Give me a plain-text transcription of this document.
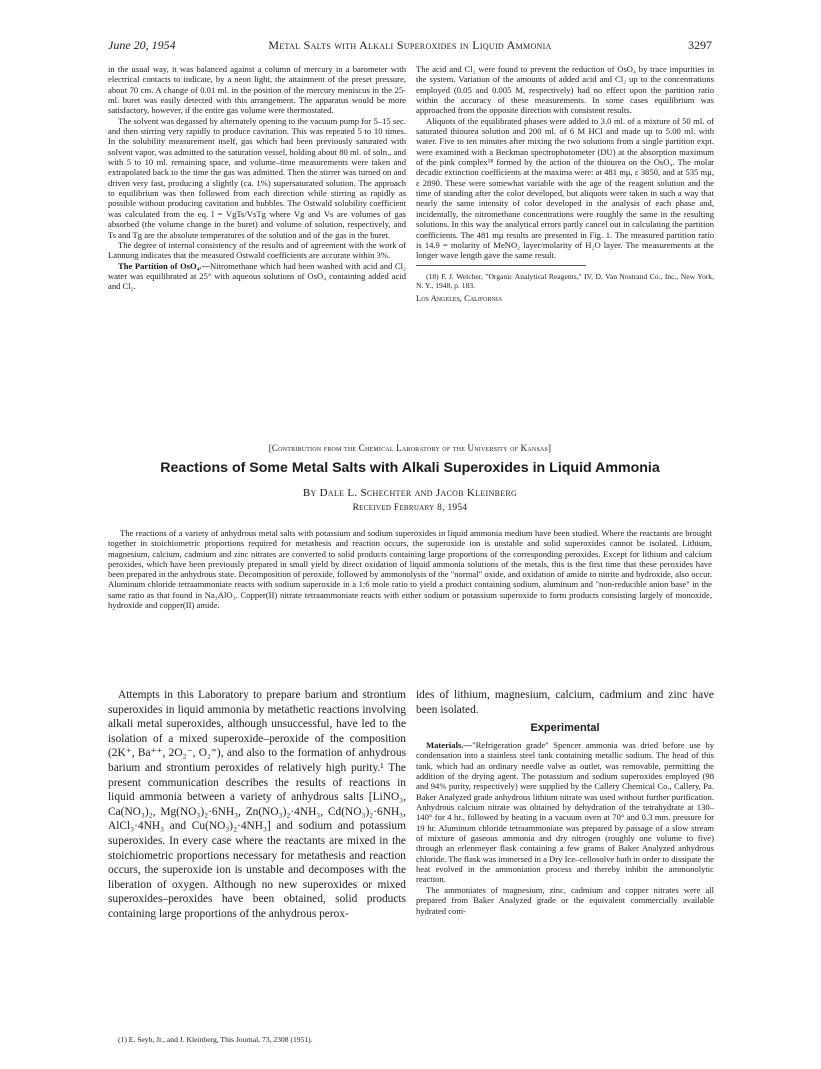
June 20, 1954	Metal Salts with Alkali Superoxides in Liquid Ammonia	3297

in the usual way, it was balanced against a column of mercury in a barometer with electrical contacts to indicate, by a neon light, the attainment of the preset pressure, about 70 cm. A change of 0.01 ml. in the position of the mercury meniscus in the 25-ml. buret was easily detected with this arrangement. The apparatus would be more satisfactory, however, if the entire gas volume were thermostated.

The solvent was degassed by alternately opening to the vacuum pump for 5–15 sec. and then stirring very rapidly to produce cavitation. This was repeated 5 to 10 times. In the solubility measurement itself, gas which had been previously saturated with solvent vapor, was admitted to the saturation vessel, holding about 80 ml. of soln., and with 5 to 10 ml. remaining space, and volume–time measurements were taken and extrapolated back to the time the gas was admitted. Then the stirrer was turned on and driven very fast, producing a slightly (ca. 1%) supersaturated solution. The approach to equilibrium was then followed from each direction while stirring as rapidly as possible without producing cavitation and bubbles. The Ostwald solubility coefficient was calculated from the eq. l = VgTs/VsTg where Vg and Vs are volumes of gas absorbed (the volume change in the buret) and volume of solution, respectively, and Ts and Tg are the absolute temperatures of the solution and of the gas in the buret.

The degree of internal consistency of the results and of agreement with the work of Lannung indicates that the measured Ostwald coefficients are accurate within 3%.

The Partition of OsO₄.—Nitromethane which had been washed with acid and Cl₂ water was equilibrated at 25° with aqueous solutions of OsO₄ containing added acid and Cl₂.

The acid and Cl₂ were found to prevent the reduction of OsO₄ by trace impurities in the system. Variation of the amounts of added acid and Cl₂ up to the concentrations employed (0.05 and 0.005 M, respectively) had no effect upon the partition ratio within the accuracy of these measurements. In some cases equilibrium was approached from the opposite direction with consistent results.

Aliquots of the equilibrated phases were added to 3.0 ml. of a mixture of 50 ml. of saturated thiourea solution and 200 ml. of 6 M HCl and made up to 5.00 ml. with water. Five to ten minutes after mixing the two solutions from a single partition expt. were examined with a Beckman spectrophotometer (DU) at the absorption maximum of the pink complex¹⁸ formed by the action of the thiourea on the OsO₄. The molar decadic extinction coefficients at the maxima were: at 481 mμ, ε 3850, and at 535 mμ, ε 2890. These were somewhat variable with the age of the reagent solution and the time of standing after the color developed, but aliquots were taken in such a way that nearly the same intensity of color developed in the analysis of each phase and, incidentally, the nitromethane concentrations were roughly the same in the resulting solutions. In this way the analytical errors partly cancel out in calculating the partition coefficients. The 481 mμ results are presented in Fig. 1. The measured partition ratio is 14.9 = molarity of MeNO₂ layer/molarity of H₂O layer. The measurements at the longer wave length gave the same result.

(18) F. J. Welcher, "Organic Analytical Reagents," IV, D. Van Nostrand Co., Inc., New York, N. Y., 1948, p. 183.

Los Angeles, California

[Contribution from the Chemical Laboratory of the University of Kansas]
Reactions of Some Metal Salts with Alkali Superoxides in Liquid Ammonia
By Dale L. Schechter and Jacob Kleinberg
Received February 8, 1954

The reactions of a variety of anhydrous metal salts with potassium and sodium superoxides in liquid ammonia medium have been studied. Where the reactants are brought together in stoichiometric proportions required for metathesis and reaction occurs, the superoxide ion is unstable and solid superoxides cannot be isolated. Lithium, magnesium, calcium, cadmium and zinc nitrates are converted to solid products containing large proportions of the corresponding peroxides. Except for lithium and calcium peroxides, which have been previously prepared in small yield by direct oxidation of liquid ammonia solutions of the metals, this is the first time that these peroxides have been prepared in the anhydrous state. Decomposition of peroxide, followed by ammonolysis of the "normal" oxide, and oxidation of amide to nitrite and hydroxide, also occur. Aluminum chloride tetraammoniate reacts with sodium superoxide in a 1:6 mole ratio to yield a product containing sodium, aluminum and "non-reducible anion base" in the same ratio as that found in Na₃AlO₃. Copper(II) nitrate tetraammoniate reacts with either sodium or potassium superoxide to form products consisting largely of monoxide, hydroxide and copper(II) amide.

Attempts in this Laboratory to prepare barium and strontium superoxides in liquid ammonia by metathetic reactions involving alkali metal superoxides, although unsuccessful, have led to the isolation of a mixed superoxide–peroxide of the composition (2K⁺, Ba⁺⁺, 2O₂⁻, O₂⁼), and also to the formation of anhydrous barium and strontium peroxides of relatively high purity.¹ The present communication describes the results of reactions in liquid ammonia between a variety of anhydrous salts [LiNO₃, Ca(NO₃)₂, Mg(NO₃)₂·6NH₃, Zn(NO₃)₂·4NH₃, Cd(NO₃)₂·6NH₃, AlCl₃·4NH₃ and Cu(NO₃)₂·4NH₃] and sodium and potassium superoxides. In every case where the reactants are mixed in the stoichiometric proportions necessary for metathesis and reaction occurs, the superoxide ion is unstable and decomposes with the liberation of oxygen. Although no new superoxides or mixed superoxides–peroxides have been obtained, solid products containing large proportions of the anhydrous perox-

ides of lithium, magnesium, calcium, cadmium and zinc have been isolated.

Experimental

Materials.—"Refrigeration grade" Spencer ammonia was dried before use by condensation into a stainless steel tank containing metallic sodium. The head of this tank, which had an ordinary needle valve as outlet, was removable, permitting the addition of the drying agent. The potassium and sodium superoxides employed (98 and 94% purity, respectively) were supplied by the Callery Chemical Co., Callery, Pa. Baker Analyzed grade anhydrous lithium nitrate was used without further purification. Anhydrous calcium nitrate was obtained by dehydration of the tetrahydrate at 130–140° for 4 hr., followed by heating in a vacuum oven at 70° and 0.3 mm. pressure for 19 hr. Aluminum chloride tetraammoniate was prepared by passage of a slow stream of mixture of gaseous ammonia and dry nitrogen (roughly one volume to five) through an erlenmeyer flask containing a few grams of Baker Analyzed anhydrous chloride. The flask was immersed in a Dry Ice–cellosolve bath in order to dissipate the heat evolved in the ammoniation process and thereby inhibit the ammonolytic reaction.

The ammoniates of magnesium, zinc, cadmium and copper nitrates were all prepared from Baker Analyzed grade or the equivalent commercially available hydrated com-

(1) E. Seyb, Jr., and J. Kleinberg, This Journal, 73, 2308 (1951).
